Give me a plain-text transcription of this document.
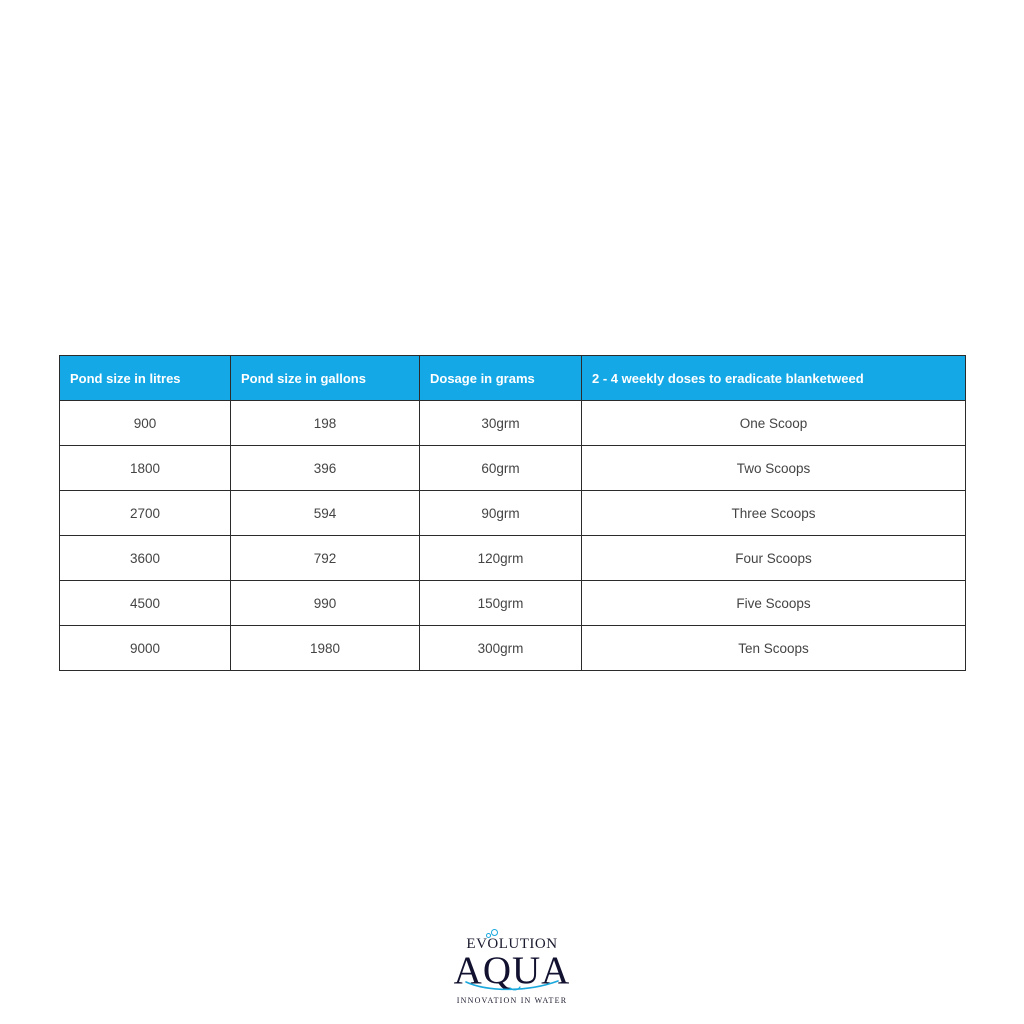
Pond size in litres	Pond size in gallons	Dosage in grams	2 - 4 weekly doses to eradicate blanketweed
900	198	30grm	One Scoop
1800	396	60grm	Two Scoops
2700	594	90grm	Three Scoops
3600	792	120grm	Four Scoops
4500	990	150grm	Five Scoops
9000	1980	300grm	Ten Scoops
EVOLUTION
AQUA
INNOVATION IN WATER
